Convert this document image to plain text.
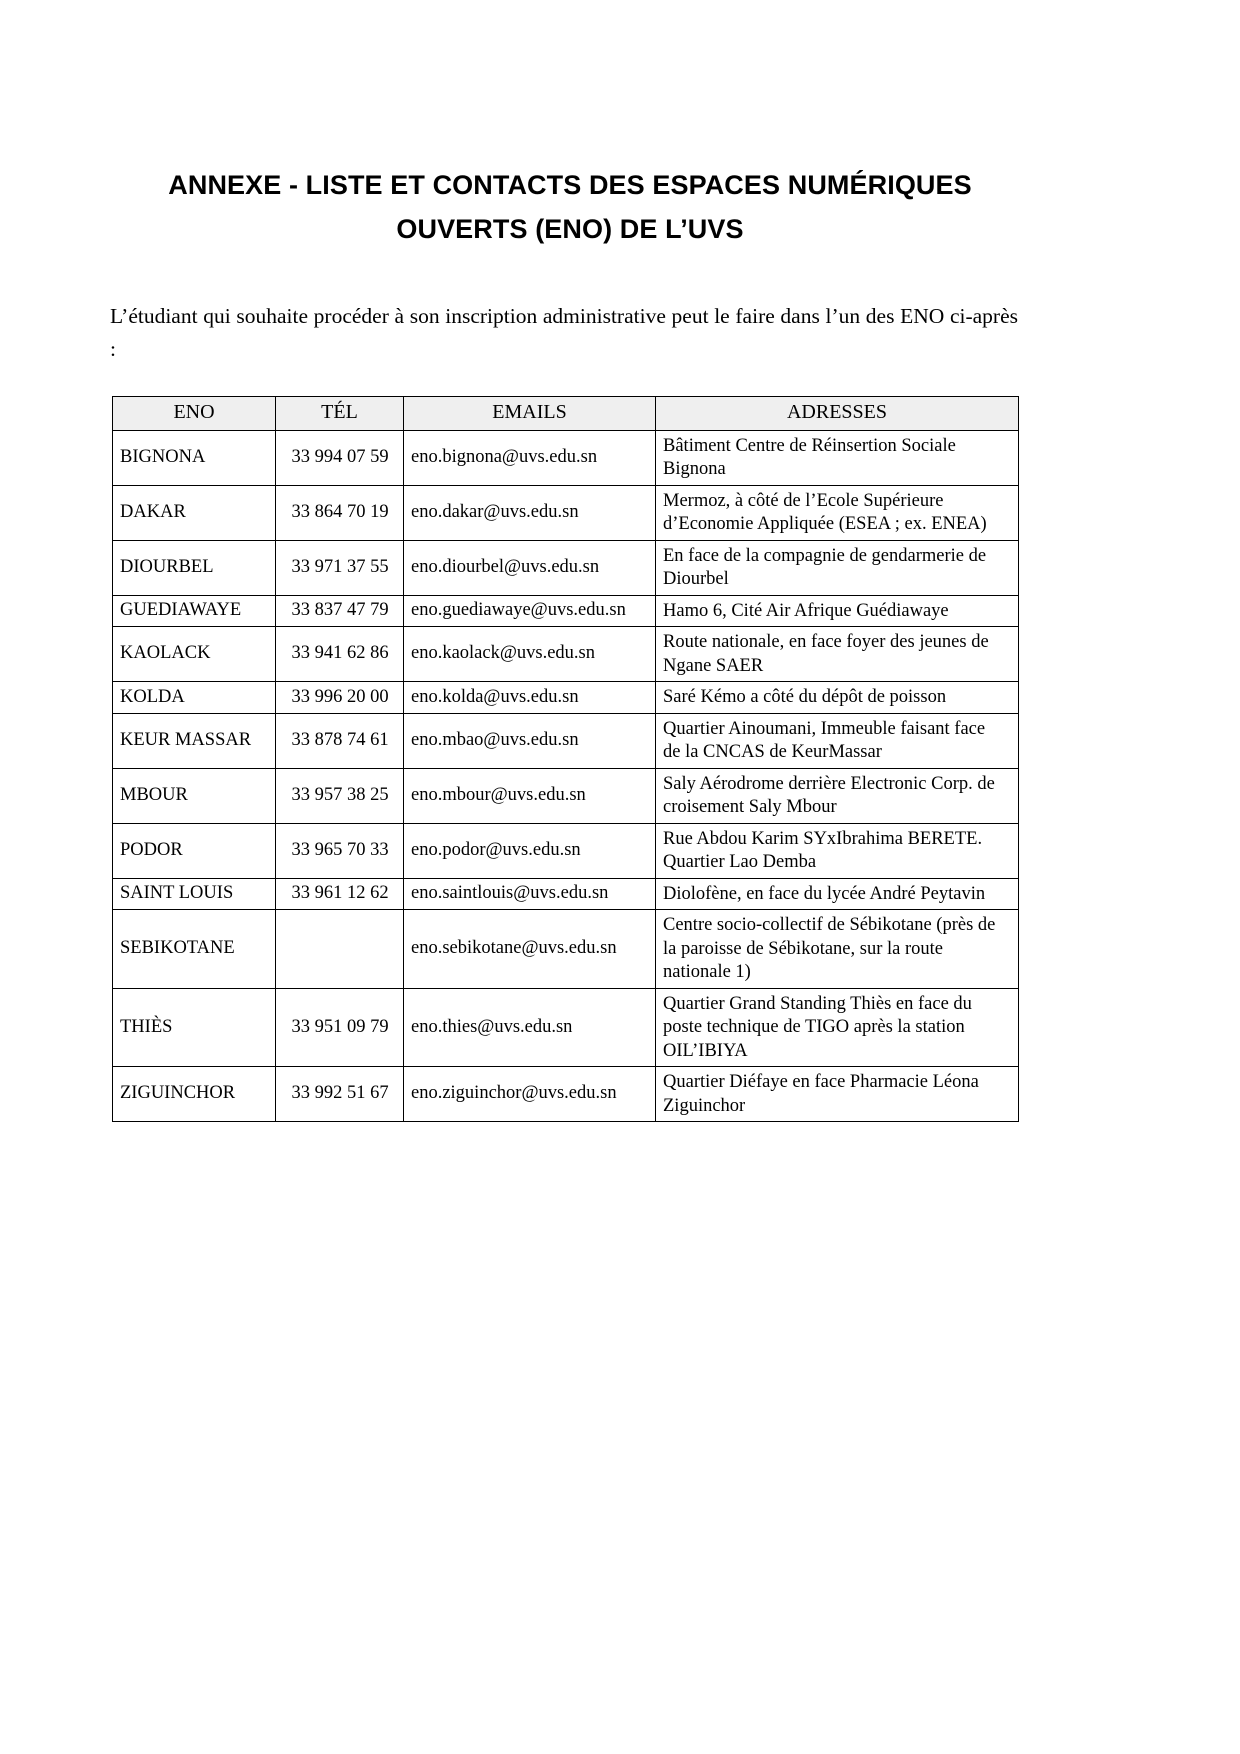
ANNEXE - LISTE ET CONTACTS DES ESPACES NUMÉRIQUES OUVERTS (ENO) DE L’UVS

L’étudiant qui souhaite procéder à son inscription administrative peut le faire dans l’un des ENO ci-après :

ENO	TÉL	EMAILS	ADRESSES
BIGNONA	33 994 07 59	eno.bignona@uvs.edu.sn	Bâtiment Centre de Réinsertion Sociale
Bignona

DAKAR	33 864 70 19	eno.dakar@uvs.edu.sn	Mermoz, à côté de l’Ecole Supérieure
d’Economie Appliquée (ESEA ; ex. ENEA)

DIOURBEL	33 971 37 55	eno.diourbel@uvs.edu.sn	En face de la compagnie de gendarmerie de
Diourbel

GUEDIAWAYE	33 837 47 79	eno.guediawaye@uvs.edu.sn	Hamo 6, Cité Air Afrique Guédiawaye

KAOLACK	33 941 62 86	eno.kaolack@uvs.edu.sn	Route nationale, en face foyer des jeunes de
Ngane SAER

KOLDA	33 996 20 00	eno.kolda@uvs.edu.sn	Saré Kémo a côté du dépôt de poisson

KEUR MASSAR	33 878 74 61	eno.mbao@uvs.edu.sn	Quartier Ainoumani, Immeuble faisant face
de la CNCAS de KeurMassar

MBOUR	33 957 38 25	eno.mbour@uvs.edu.sn	Saly Aérodrome derrière Electronic Corp. de
croisement Saly Mbour

PODOR	33 965 70 33	eno.podor@uvs.edu.sn	Rue Abdou Karim SYxIbrahima BERETE.
Quartier Lao Demba

SAINT LOUIS	33 961 12 62	eno.saintlouis@uvs.edu.sn	Diolofène, en face du lycée André Peytavin

SEBIKOTANE		eno.sebikotane@uvs.edu.sn	Centre socio-collectif de Sébikotane (près de
la paroisse de Sébikotane, sur la route
nationale 1)

THIÈS	33 951 09 79	eno.thies@uvs.edu.sn	Quartier Grand Standing Thiès en face du
poste technique de TIGO après la station
OIL’IBIYA

ZIGUINCHOR	33 992 51 67	eno.ziguinchor@uvs.edu.sn	Quartier Diéfaye en face Pharmacie Léona
Ziguinchor
